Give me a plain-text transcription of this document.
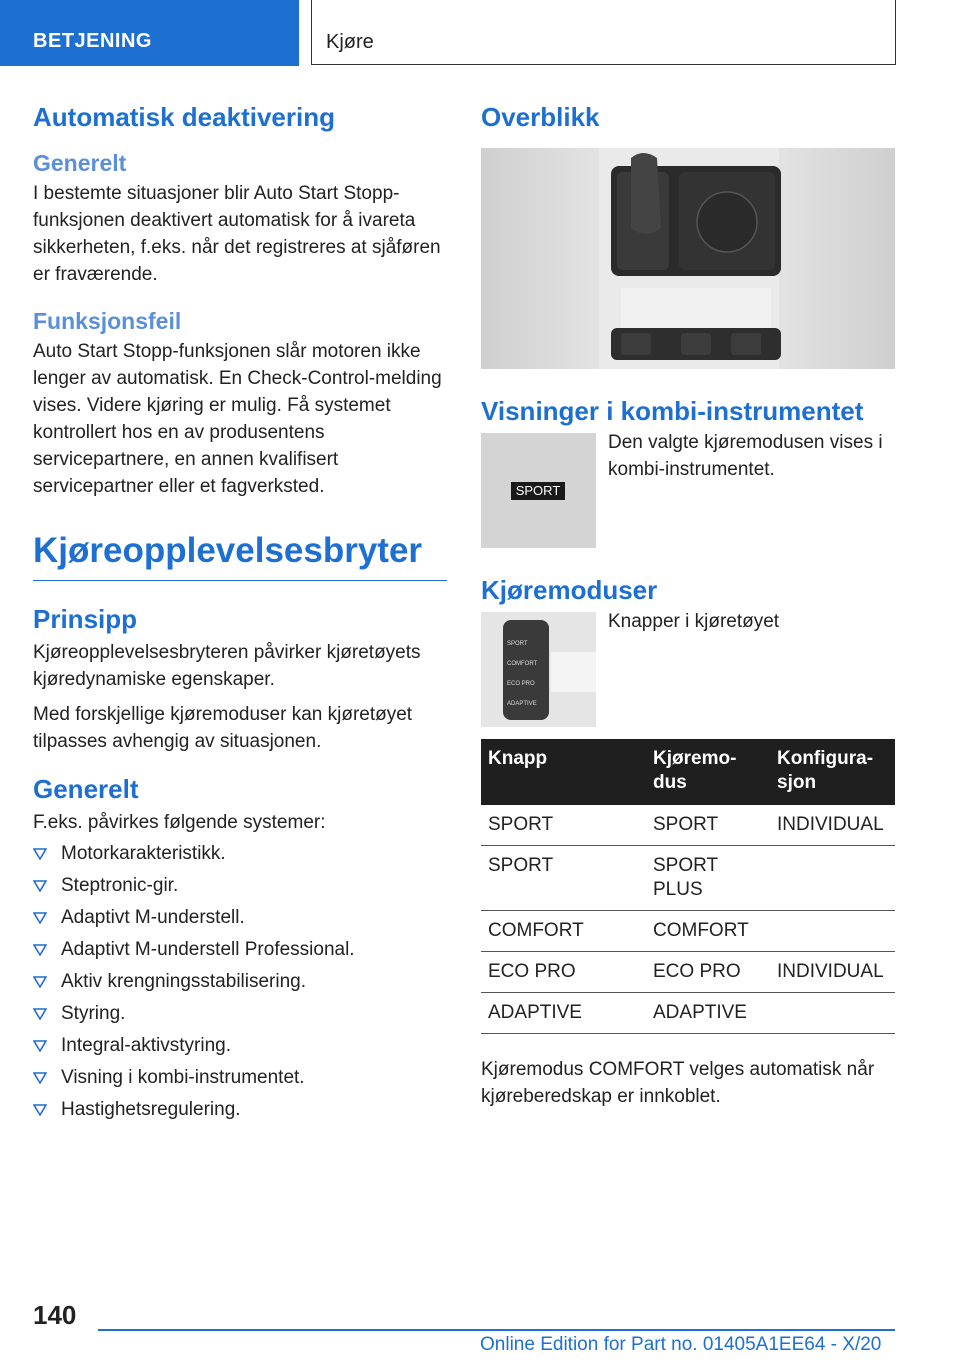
BETJENING	Kjøre
Automatisk deaktivering
Generelt

I bestemte situasjoner blir Auto Start Stopp-funksjonen deaktivert automatisk for å ivareta sikkerheten, f.eks. når det registreres at sjåføren er fraværende.

Funksjonsfeil

Auto Start Stopp-funksjonen slår motoren ikke lenger av automatisk. En Check-Control-melding vises. Videre kjøring er mulig. Få systemet kontrollert hos en av produsentens servicepartnere, en annen kvalifisert servicepartner eller et fagverksted.

Kjøreopplevelsesbryter
Prinsipp

Kjøreopplevelsesbryteren påvirker kjøretøyets kjøredynamiske egenskaper.

Med forskjellige kjøremoduser kan kjøretøyet tilpasses avhengig av situasjonen.

Generelt

F.eks. påvirkes følgende systemer:

Motorkarakteristikk.
Steptronic-gir.
Adaptivt M-understell.
Adaptivt M-understell Professional.
Aktiv krengningsstabilisering.
Styring.
Integral-aktivstyring.
Visning i kombi-instrumentet.
Hastighetsregulering.
Overblikk
Visninger i kombi-instrumentet
SPORT

Den valgte kjøremodusen vises i kombi-instrumentet.

Kjøremoduser
SPORT
COMFORT
ECO PRO
ADAPTIVE

Knapper i kjøretøyet

Knapp	Kjøremo-dus	Konfigura-sjon
SPORT	SPORT	INDIVIDUAL
SPORT	SPORT PLUS	
COMFORT	COMFORT	
ECO PRO	ECO PRO	INDIVIDUAL
ADAPTIVE	ADAPTIVE	

Kjøremodus COMFORT velges automatisk når kjøreberedskap er innkoblet.

140
Online Edition for Part no. 01405A1EE64 - X/20
